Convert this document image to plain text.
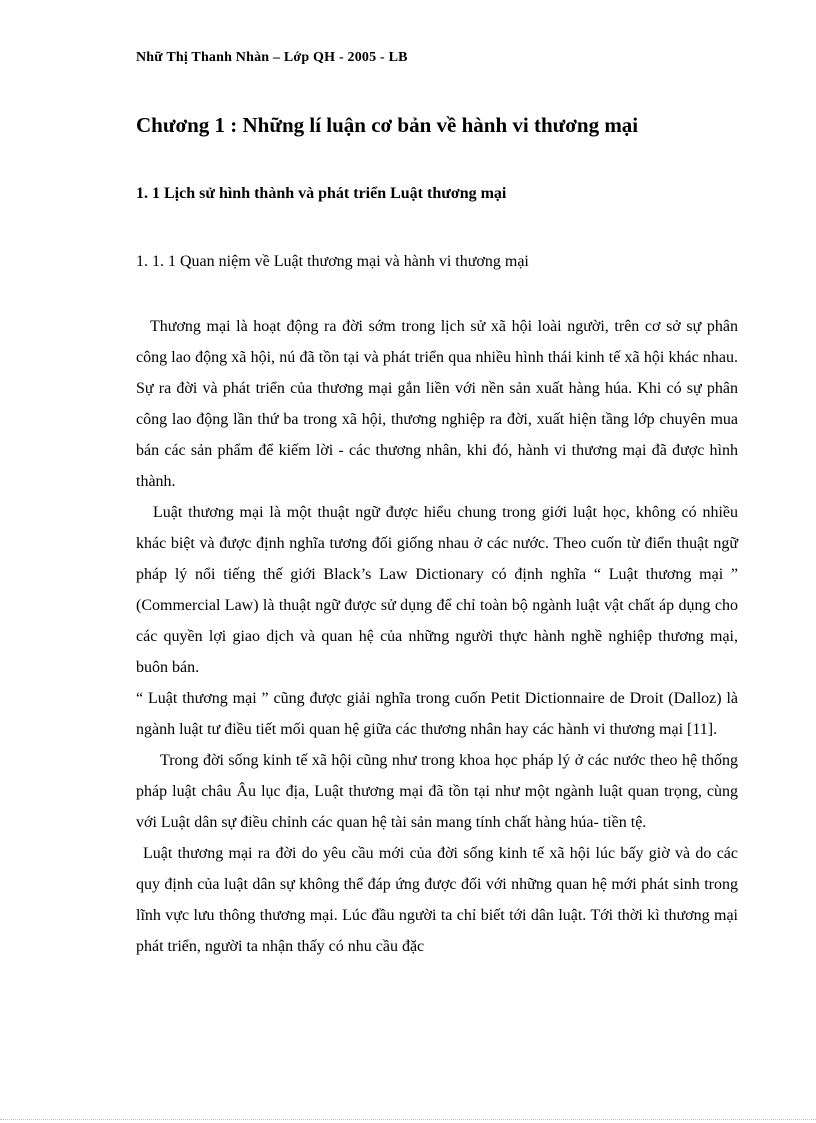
Nhữ Thị Thanh Nhàn – Lớp QH - 2005 - LB
Chương 1 : Những lí luận cơ bản về hành vi thương mại
1. 1 Lịch sử hình thành và phát triển Luật thương mại
1. 1. 1 Quan niệm về Luật thương mại và hành vi thương mại

Thương mại là hoạt động ra đời sớm trong lịch sử xã hội loài người, trên cơ sở sự phân công lao động xã hội, nú đã tồn tại và phát triển qua nhiều hình thái kinh tế xã hội khác nhau. Sự ra đời và phát triển của thương mại gắn liền với nền sản xuất hàng húa. Khi có sự phân công lao động lần thứ ba trong xã hội, thương nghiệp ra đời, xuất hiện tầng lớp chuyên mua bán các sản phẩm để kiếm lời - các thương nhân, khi đó, hành vi thương mại đã được hình thành.

Luật thương mại là một thuật ngữ được hiểu chung trong giới luật học, không có nhiều khác biệt và được định nghĩa tương đối giống nhau ở các nước. Theo cuốn từ điển thuật ngữ pháp lý nổi tiếng thế giới Black’s Law Dictionary có định nghĩa “ Luật thương mại ” (Commercial Law) là thuật ngữ được sử dụng để chỉ toàn bộ ngành luật vật chất áp dụng cho các quyền lợi giao dịch và quan hệ của những người thực hành nghề nghiệp thương mại, buôn bán.

“ Luật thương mại ” cũng được giải nghĩa trong cuốn Petit Dictionnaire de Droit (Dalloz) là ngành luật tư điều tiết mối quan hệ giữa các thương nhân hay các hành vi thương mại [11].

Trong đời sống kinh tế xã hội cũng như trong khoa học pháp lý ở các nước theo hệ thống pháp luật châu Âu lục địa, Luật thương mại đã tồn tại như một ngành luật quan trọng, cùng với Luật dân sự điều chỉnh các quan hệ tài sản mang tính chất hàng húa- tiền tệ.

Luật thương mại ra đời do yêu cầu mới của đời sống kinh tế xã hội lúc bấy giờ và do các quy định của luật dân sự không thể đáp ứng được đối với những quan hệ mới phát sinh trong lĩnh vực lưu thông thương mại. Lúc đầu người ta chỉ biết tới dân luật. Tới thời kì thương mại phát triển, người ta nhận thấy có nhu cầu đặc
